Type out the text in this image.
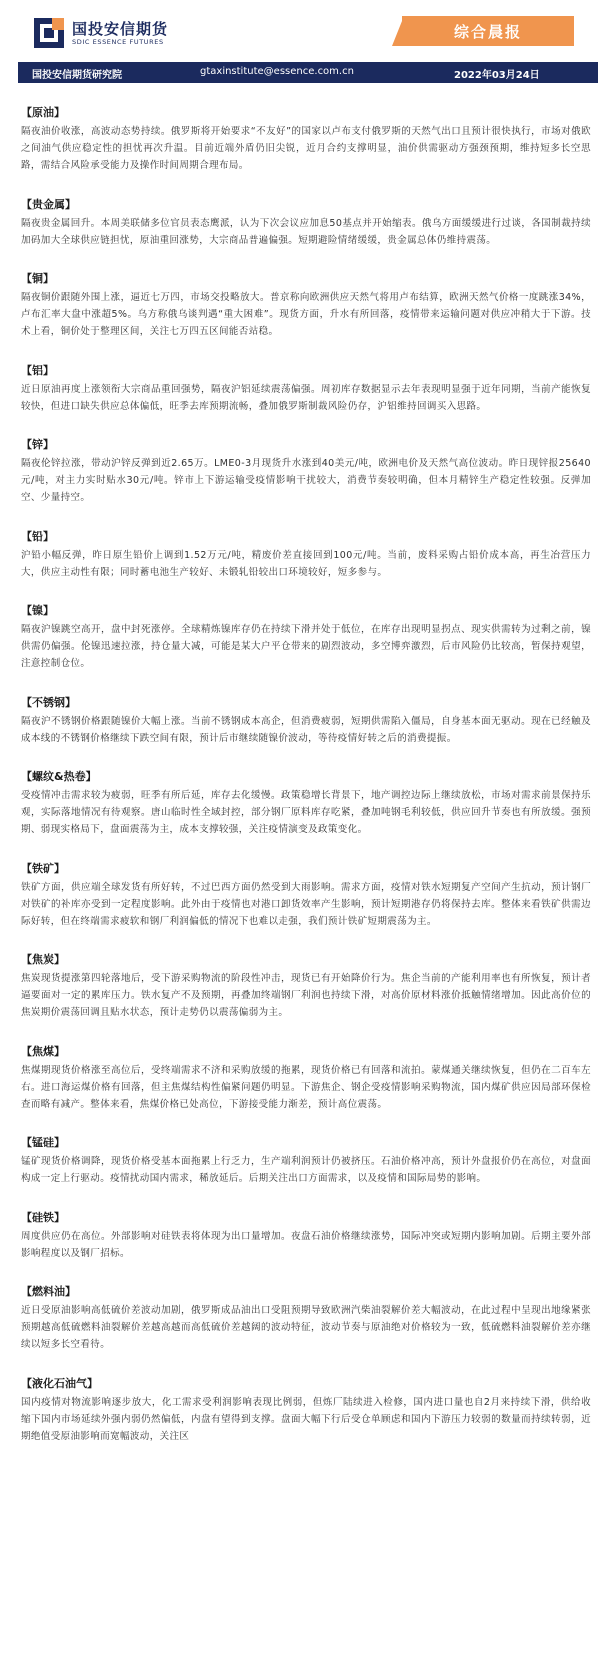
国投安信期货
SDIC ESSENCE FUTURES
综合晨报
国投安信期货研究院	gtaxinstitute@essence.com.cn	2022年03月24日
【原油】
隔夜油价收涨，高波动态势持续。俄罗斯将开始要求“不友好”的国家以卢布支付俄罗斯的天然气出口且预计很快执行，市场对俄欧之间油气供应稳定性的担忧再次升温。目前近端外盾仍旧尖锐，近月合约支撑明显，油价供需驱动方强颈预期，维持短多长空思路，需结合风险承受能力及操作时间周期合理布局。
【贵金属】
隔夜贵金属回升。本周美联储多位官员表态鹰派，认为下次会议应加息50基点并开始缩表。俄乌方面缓缓进行过谈，各国制裁持续加码加大全球供应链担忧，原油重回涨势，大宗商品普遍偏强。短期避险情绪缓缓，贵金属总体仍维持震荡。
【铜】
隔夜铜价跟随外围上涨，逼近七万四，市场交投略放大。普京称向欧洲供应天然气将用卢布结算，欧洲天然气价格一度跳涨34%，卢布汇率大盘中涨超5%。乌方称俄乌谈判遇“重大困难”。现货方面，升水有所回落，疫情带来运输问题对供应冲稍大于下游。技术上看，铜价处于整理区间，关注七万四五区间能否站稳。
【铝】
近日原油再度上涨领衔大宗商品重回强势，隔夜沪铝延续震荡偏强。周初库存数据显示去年表现明显强于近年同期，当前产能恢复较快，但进口缺失供应总体偏低，旺季去库预期流畅，叠加俄罗斯制裁风险仍存，沪铝维持回调买入思路。
【锌】
隔夜伦锌拉涨，带动沪锌反弹到近2.65万。LME0-3月现货升水涨到40美元/吨，欧洲电价及天然气高位波动。昨日现锌报25640元/吨，对主力实时贴水30元/吨。锌市上下游运输受疫情影响干扰较大，消费节奏较明确，但本月精锌生产稳定性较强。反弹加空、少量持空。
【铅】
沪铅小幅反弹，昨日原生铅价上调到1.52万元/吨，精废价差直接回到100元/吨。当前，废料采购占铅价成本高，再生冶营压力大，供应主动性有限；同时蓄电池生产较好、未锻轧铅较出口环境较好，短多参与。
【镍】
隔夜沪镍跳空高开，盘中封死涨停。全球精炼镍库存仍在持续下滑并处于低位，在库存出现明显拐点、现实供需转为过剩之前，镍供需仍偏强。伦镍迅速拉涨，持仓量大减，可能是某大户平仓带来的剧烈波动，多空博弈激烈，后市风险仍比较高，暂保持观望，注意控制仓位。
【不锈钢】
隔夜沪不锈钢价格跟随镍价大幅上涨。当前不锈钢成本高企，但消费疲弱，短期供需陷入僵局，自身基本面无驱动。现在已经触及成本线的不锈钢价格继续下跌空间有限，预计后市继续随镍价波动，等待疫情好转之后的消费提振。
【螺纹&热卷】
受疫情冲击需求较为疲弱，旺季有所后延，库存去化缓慢。政策稳增长背景下，地产调控边际上继续放松，市场对需求前景保持乐观，实际落地情况有待观察。唐山临时性全域封控，部分钢厂原料库存吃紧，叠加吨钢毛利较低，供应回升节奏也有所放缓。强预期、弱现实格局下，盘面震荡为主，成本支撑较强，关注疫情演变及政策变化。
【铁矿】
铁矿方面，供应端全球发货有所好转，不过巴西方面仍然受到大雨影响。需求方面，疫情对铁水短期复产空间产生抗动，预计钢厂对铁矿的补库亦受到一定程度影响。此外由于疫情也对港口卸货效率产生影响，预计短期港存仍将保持去库。整体来看铁矿供需边际好转，但在终端需求疲软和钢厂利润偏低的情况下也难以走强，我们预计铁矿短期震荡为主。
【焦炭】
焦炭现货提涨第四轮落地后，受下游采购物流的阶段性冲击，现货已有开始降价行为。焦企当前的产能利用率也有所恢复，预计者逼要面对一定的累库压力。铁水复产不及预期，再叠加终端钢厂利润也持续下滑，对高价原材料涨价抵触情绪增加。因此高价位的焦炭期价震荡回调且贴水状态，预计走势仍以震荡偏弱为主。
【焦煤】
焦煤期现货价格涨至高位后，受终端需求不济和采购放缓的拖累，现货价格已有回落和流拍。蒙煤通关继续恢复，但仍在二百车左右。进口海运煤价格有回落，但主焦煤结构性偏紧问题仍明显。下游焦企、钢企受疫情影响采购物流，国内煤矿供应因局部环保检查而略有减产。整体来看，焦煤价格已处高位，下游接受能力渐差，预计高位震荡。
【锰硅】
锰矿现货价格调降，现货价格受基本面拖累上行乏力，生产端利润预计仍被挤压。石油价格冲高，预计外盘报价仍在高位，对盘面构成一定上行驱动。疫情扰动国内需求，稀放延后。后期关注出口方面需求，以及疫情和国际局势的影响。
【硅铁】
周度供应仍在高位。外部影响对硅铁表将体现为出口量增加。夜盘石油价格继续涨势，国际冲突或短期内影响加剧。后期主要外部影响程度以及钢厂招标。
【燃料油】
近日受原油影响高低硫价差波动加剧，俄罗斯成品油出口受阻预期导致欧洲汽柴油裂解价差大幅波动，在此过程中呈现出地缘紧张预期越高低硫燃料油裂解价差越高越而高低硫价差越阔的波动特征，波动节奏与原油绝对价格较为一致，低硫燃料油裂解价差亦继续以短多长空看待。
【液化石油气】
国内疫情对物流影响逐步放大，化工需求受利润影响表现比例弱，但炼厂陆续进入检修，国内进口量也自2月来持续下滑，供给收缩下国内市场延续外强内弱仍然偏低，内盘有望得到支撑。盘面大幅下行后受仓单顾虑和国内下游压力较弱的数量而持续转弱，近期绝值受原油影响而宽幅波动，关注区
